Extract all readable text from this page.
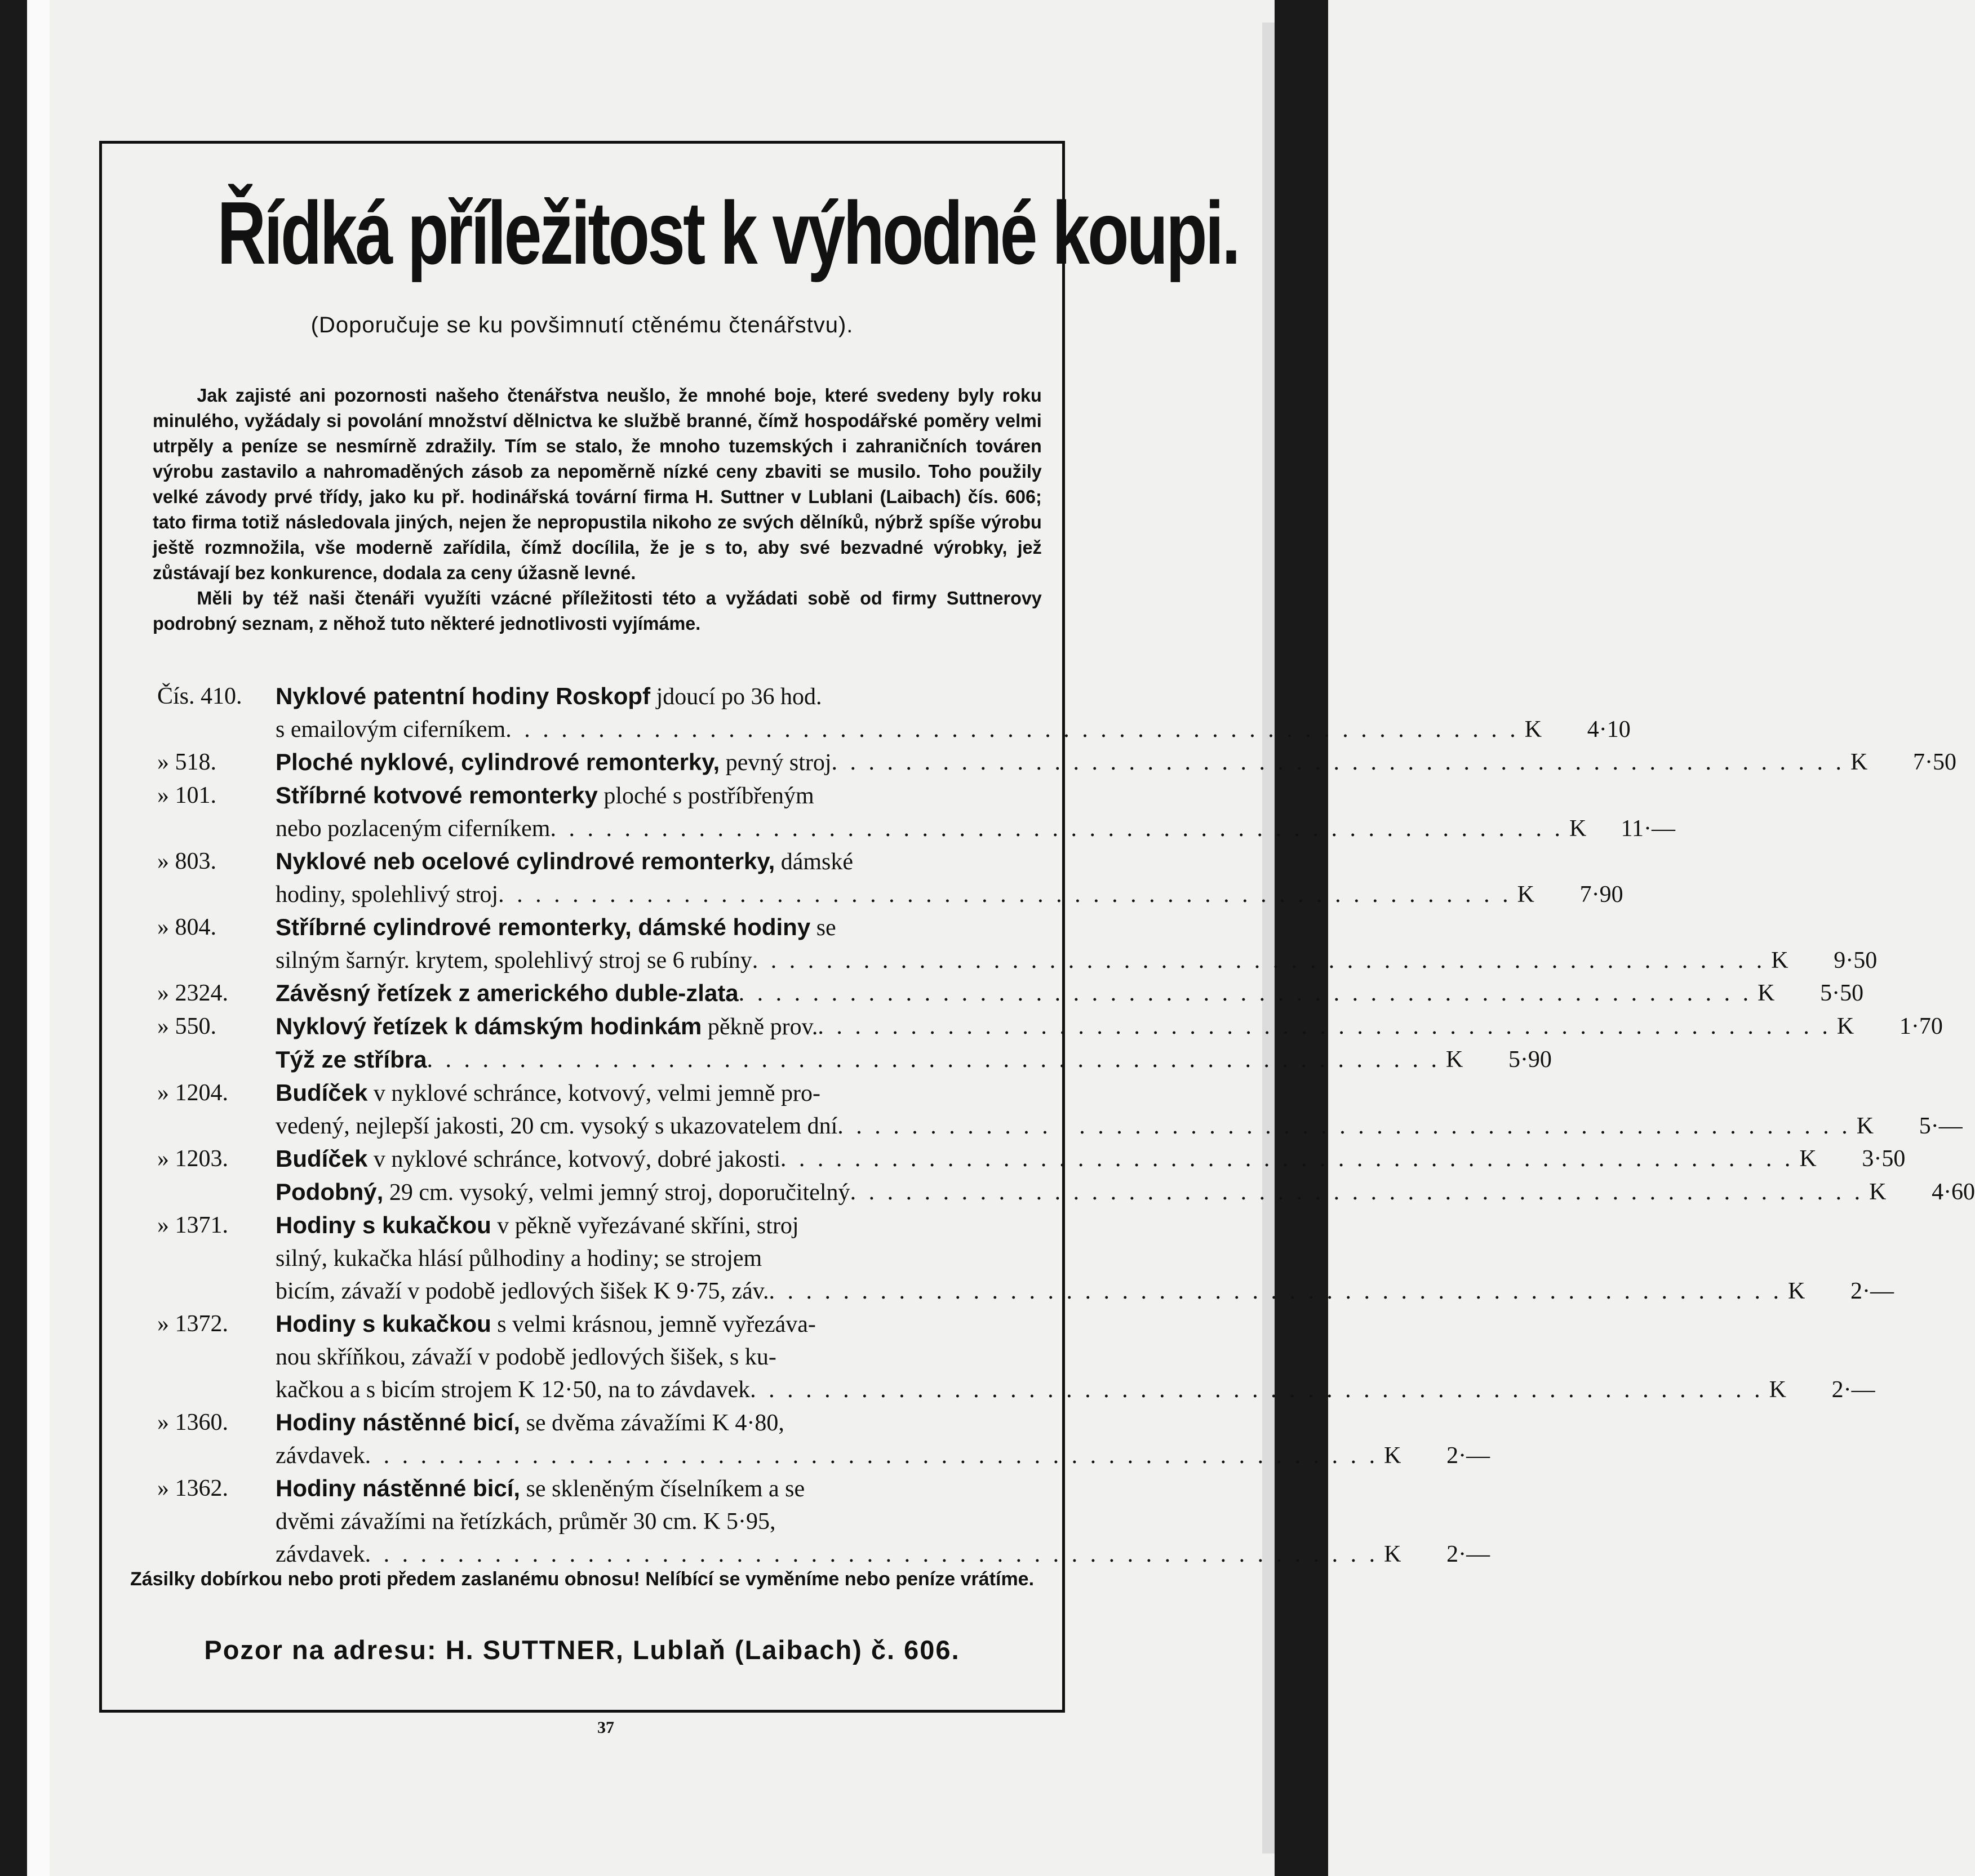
Řídká příležitost k výhodné koupi.
(Doporučuje se ku povšimnutí ctěnému čtenářstvu).

Jak zajisté ani pozornosti našeho čtenářstva neušlo, že mnohé boje, které svedeny byly roku minulého, vyžádaly si povolání množství dělnictva ke službě branné, čímž hospodářské poměry velmi utrpěly a peníze se nesmírně zdražily. Tím se stalo, že mnoho tuzemských i zahraničních továren výrobu zastavilo a nahromaděných zásob za nepoměrně nízké ceny zbaviti se musilo. Toho použily velké závody prvé třídy, jako ku př. hodinářská tovární firma H. Suttner v Lublani (Laibach) čís. 606; tato firma totiž následovala jiných, nejen že nepropustila nikoho ze svých dělníků, nýbrž spíše výrobu ještě rozmnožila, vše moderně zařídila, čímž docílila, že je s to, aby své bezvadné výrobky, jež zůstávají bez konkurence, dodala za ceny úžasně levné.

Měli by též naši čtenáři využíti vzácné příležitosti této a vyžádati sobě od firmy Suttnerovy podrobný seznam, z něhož tuto některé jednotlivosti vyjímáme.

Čís. 410.	Nyklové patentní hodiny Roskopf jdoucí po 36 hod.
s emailovým ciferníkem . . . . . . . . . . . . . . . . . . . . . . . . . . . . . . . . . . . . . . . . . . . . . . . . . . . . . . . K 4·10
» 518.	Ploché nyklové, cylindrové remonterky, pevný stroj . . . . . . . . . . . . . . . . . . . . . . . . . . . . . . . . . . . . . . . . . . . . . . . . . . . . . . . K 7·50
» 101.	Stříbrné kotvové remonterky ploché s postříbřeným
nebo pozlaceným ciferníkem . . . . . . . . . . . . . . . . . . . . . . . . . . . . . . . . . . . . . . . . . . . . . . . . . . . . . . . K 11·—
» 803.	Nyklové neb ocelové cylindrové remonterky, dámské
hodiny, spolehlivý stroj . . . . . . . . . . . . . . . . . . . . . . . . . . . . . . . . . . . . . . . . . . . . . . . . . . . . . . . K 7·90
» 804.	Stříbrné cylindrové remonterky, dámské hodiny se
silným šarnýr. krytem, spolehlivý stroj se 6 rubíny . . . . . . . . . . . . . . . . . . . . . . . . . . . . . . . . . . . . . . . . . . . . . . . . . . . . . . . K 9·50
» 2324.	Závěsný řetízek z amerického duble-zlata . . . . . . . . . . . . . . . . . . . . . . . . . . . . . . . . . . . . . . . . . . . . . . . . . . . . . . . K 5·50
» 550.	Nyklový řetízek k dámským hodinkám pěkně prov. . . . . . . . . . . . . . . . . . . . . . . . . . . . . . . . . . . . . . . . . . . . . . . . . . . . . . . . K 1·70
Týž ze stříbra . . . . . . . . . . . . . . . . . . . . . . . . . . . . . . . . . . . . . . . . . . . . . . . . . . . . . . . K 5·90
» 1204.	Budíček v nyklové schránce, kotvový, velmi jemně pro-
vedený, nejlepší jakosti, 20 cm. vysoký s ukazovatelem dní . . . . . . . . . . . . . . . . . . . . . . . . . . . . . . . . . . . . . . . . . . . . . . . . . . . . . . . K 5·—
» 1203.	Budíček v nyklové schránce, kotvový, dobré jakosti . . . . . . . . . . . . . . . . . . . . . . . . . . . . . . . . . . . . . . . . . . . . . . . . . . . . . . . K 3·50
Podobný, 29 cm. vysoký, velmi jemný stroj, doporučitelný . . . . . . . . . . . . . . . . . . . . . . . . . . . . . . . . . . . . . . . . . . . . . . . . . . . . . . . K 4·60
» 1371.	Hodiny s kukačkou v pěkně vyřezávané skříni, stroj
silný, kukačka hlásí půlhodiny a hodiny; se strojem
bicím, závaží v podobě jedlových šišek K 9·75, záv. . . . . . . . . . . . . . . . . . . . . . . . . . . . . . . . . . . . . . . . . . . . . . . . . . . . . . . . K 2·—
» 1372.	Hodiny s kukačkou s velmi krásnou, jemně vyřezáva-
nou skříňkou, závaží v podobě jedlových šišek, s ku-
kačkou a s bicím strojem K 12·50, na to závdavek . . . . . . . . . . . . . . . . . . . . . . . . . . . . . . . . . . . . . . . . . . . . . . . . . . . . . . . K 2·—
» 1360.	Hodiny nástěnné bicí, se dvěma závažími K 4·80,
závdavek . . . . . . . . . . . . . . . . . . . . . . . . . . . . . . . . . . . . . . . . . . . . . . . . . . . . . . . K 2·—
» 1362.	Hodiny nástěnné bicí, se skleněným číselníkem a se
dvěmi závažími na řetízkách, průměr 30 cm. K 5·95,
závdavek . . . . . . . . . . . . . . . . . . . . . . . . . . . . . . . . . . . . . . . . . . . . . . . . . . . . . . . K 2·—
Zásilky dobírkou nebo proti předem zaslanému obnosu! Nelíbící se vyměníme nebo peníze vrátíme.
Pozor na adresu: H. SUTTNER, Lublaň (Laibach) č. 606.
37
